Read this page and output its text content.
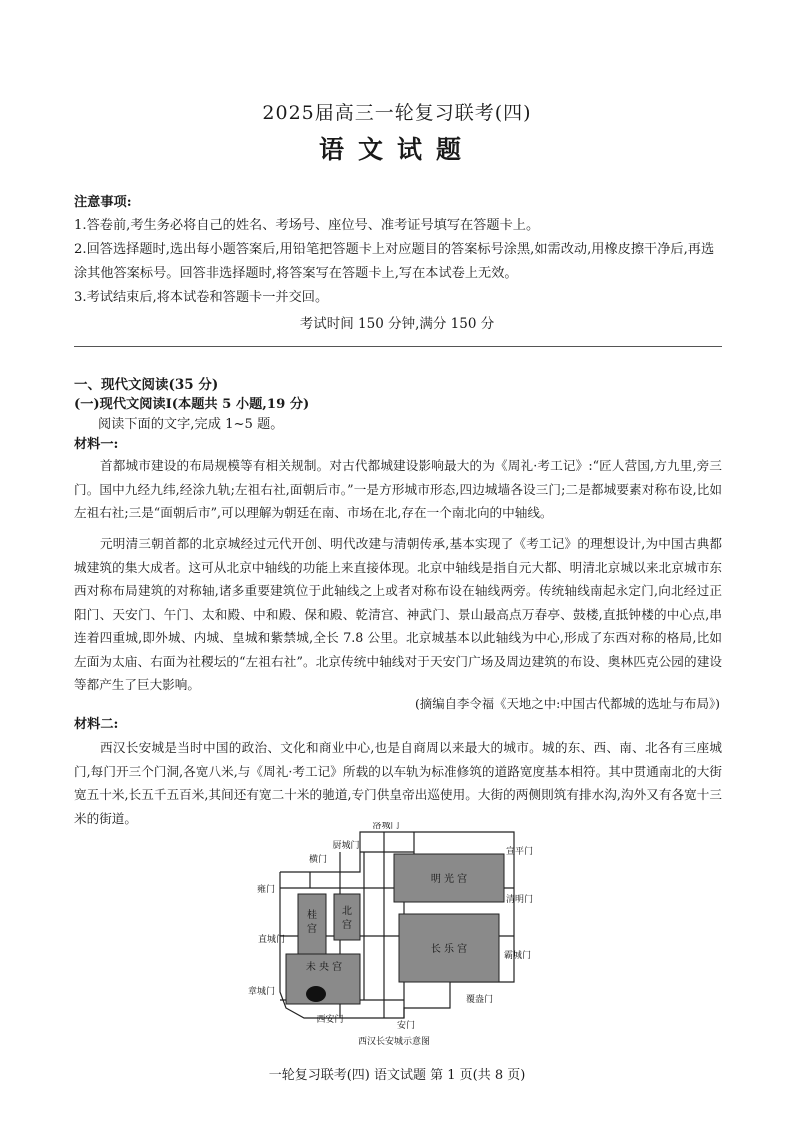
2025届高三一轮复习联考(四)
语文试题
注意事项:
1.答卷前,考生务必将自己的姓名、考场号、座位号、准考证号填写在答题卡上。
2.回答选择题时,选出每小题答案后,用铅笔把答题卡上对应题目的答案标号涂黑,如需改动,用橡皮擦干净后,再选涂其他答案标号。回答非选择题时,将答案写在答题卡上,写在本试卷上无效。
3.考试结束后,将本试卷和答题卡一并交回。
考试时间 150 分钟,满分 150 分
一、现代文阅读(35 分)
(一)现代文阅读Ⅰ(本题共 5 小题,19 分)
阅读下面的文字,完成 1~5 题。
材料一:
首都城市建设的布局规模等有相关规制。对古代都城建设影响最大的为《周礼·考工记》:“匠人营国,方九里,旁三门。国中九经九纬,经涂九轨;左祖右社,面朝后市。”一是方形城市形态,四边城墙各设三门;二是都城要素对称布设,比如左祖右社;三是“面朝后市”,可以理解为朝廷在南、市场在北,存在一个南北向的中轴线。
元明清三朝首都的北京城经过元代开创、明代改建与清朝传承,基本实现了《考工记》的理想设计,为中国古典都城建筑的集大成者。这可从北京中轴线的功能上来直接体现。北京中轴线是指自元大都、明清北京城以来北京城市东西对称布局建筑的对称轴,诸多重要建筑位于此轴线之上或者对称布设在轴线两旁。传统轴线南起永定门,向北经过正阳门、天安门、午门、太和殿、中和殿、保和殿、乾清宫、神武门、景山最高点万春亭、鼓楼,直抵钟楼的中心点,串连着四重城,即外城、内城、皇城和紫禁城,全长 7.8 公里。北京城基本以此轴线为中心,形成了东西对称的格局,比如左面为太庙、右面为社稷坛的“左祖右社”。北京传统中轴线对于天安门广场及周边建筑的布设、奥林匹克公园的建设等都产生了巨大影响。
(摘编自李令福《天地之中:中国古代都城的选址与布局》)
材料二:
西汉长安城是当时中国的政治、文化和商业中心,也是自商周以来最大的城市。城的东、西、南、北各有三座城门,每门开三个门洞,各宽八米,与《周礼·考工记》所载的以车轨为标准修筑的道路宽度基本相符。其中贯通南北的大街宽五十米,长五千五百米,其间还有宽二十米的驰道,专门供皇帝出巡使用。大街的两侧則筑有排水沟,沟外又有各宽十三米的街道。
明 光 宫
桂
宫
北
宫
长 乐 宫
未 央 宫
洛城门
厨城门
横门
宣平门
雍门
清明门
直城门
霸城门
章城门
覆盎门
西安门
安门
西汉长安城示意图
一轮复习联考(四) 语文试题 第 1 页(共 8 页)
